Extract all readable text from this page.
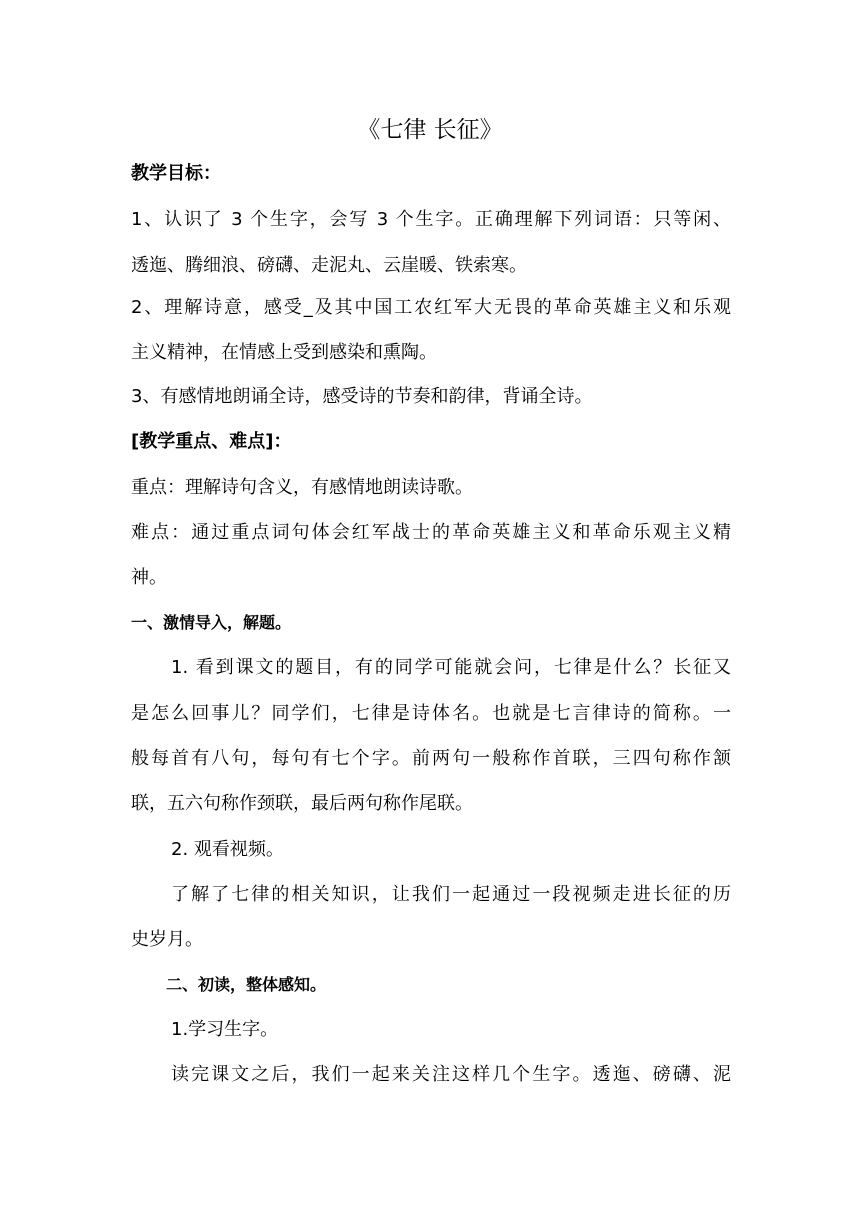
《七律 长征》
教学目标：
1、认识了 3 个生字，会写 3 个生字。正确理解下列词语：只等闲、
透迤、腾细浪、磅礴、走泥丸、云崖暖、铁索寒。
2、理解诗意，感受_及其中国工农红军大无畏的革命英雄主义和乐观
主义精神，在情感上受到感染和熏陶。
3、有感情地朗诵全诗，感受诗的节奏和韵律，背诵全诗。
[教学重点、难点]：
重点：理解诗句含义，有感情地朗读诗歌。
难点：通过重点词句体会红军战士的革命英雄主义和革命乐观主义精
神。
一、激情导入，解题。
1. 看到课文的题目，有的同学可能就会问，七律是什么？长征又
是怎么回事儿？同学们，七律是诗体名。也就是七言律诗的简称。一
般每首有八句，每句有七个字。前两句一般称作首联，三四句称作颔
联，五六句称作颈联，最后两句称作尾联。
2. 观看视频。
了解了七律的相关知识，让我们一起通过一段视频走进长征的历
史岁月。
二、初读，整体感知。
1.学习生字。
读完课文之后，我们一起来关注这样几个生字。透迤、磅礴、泥
